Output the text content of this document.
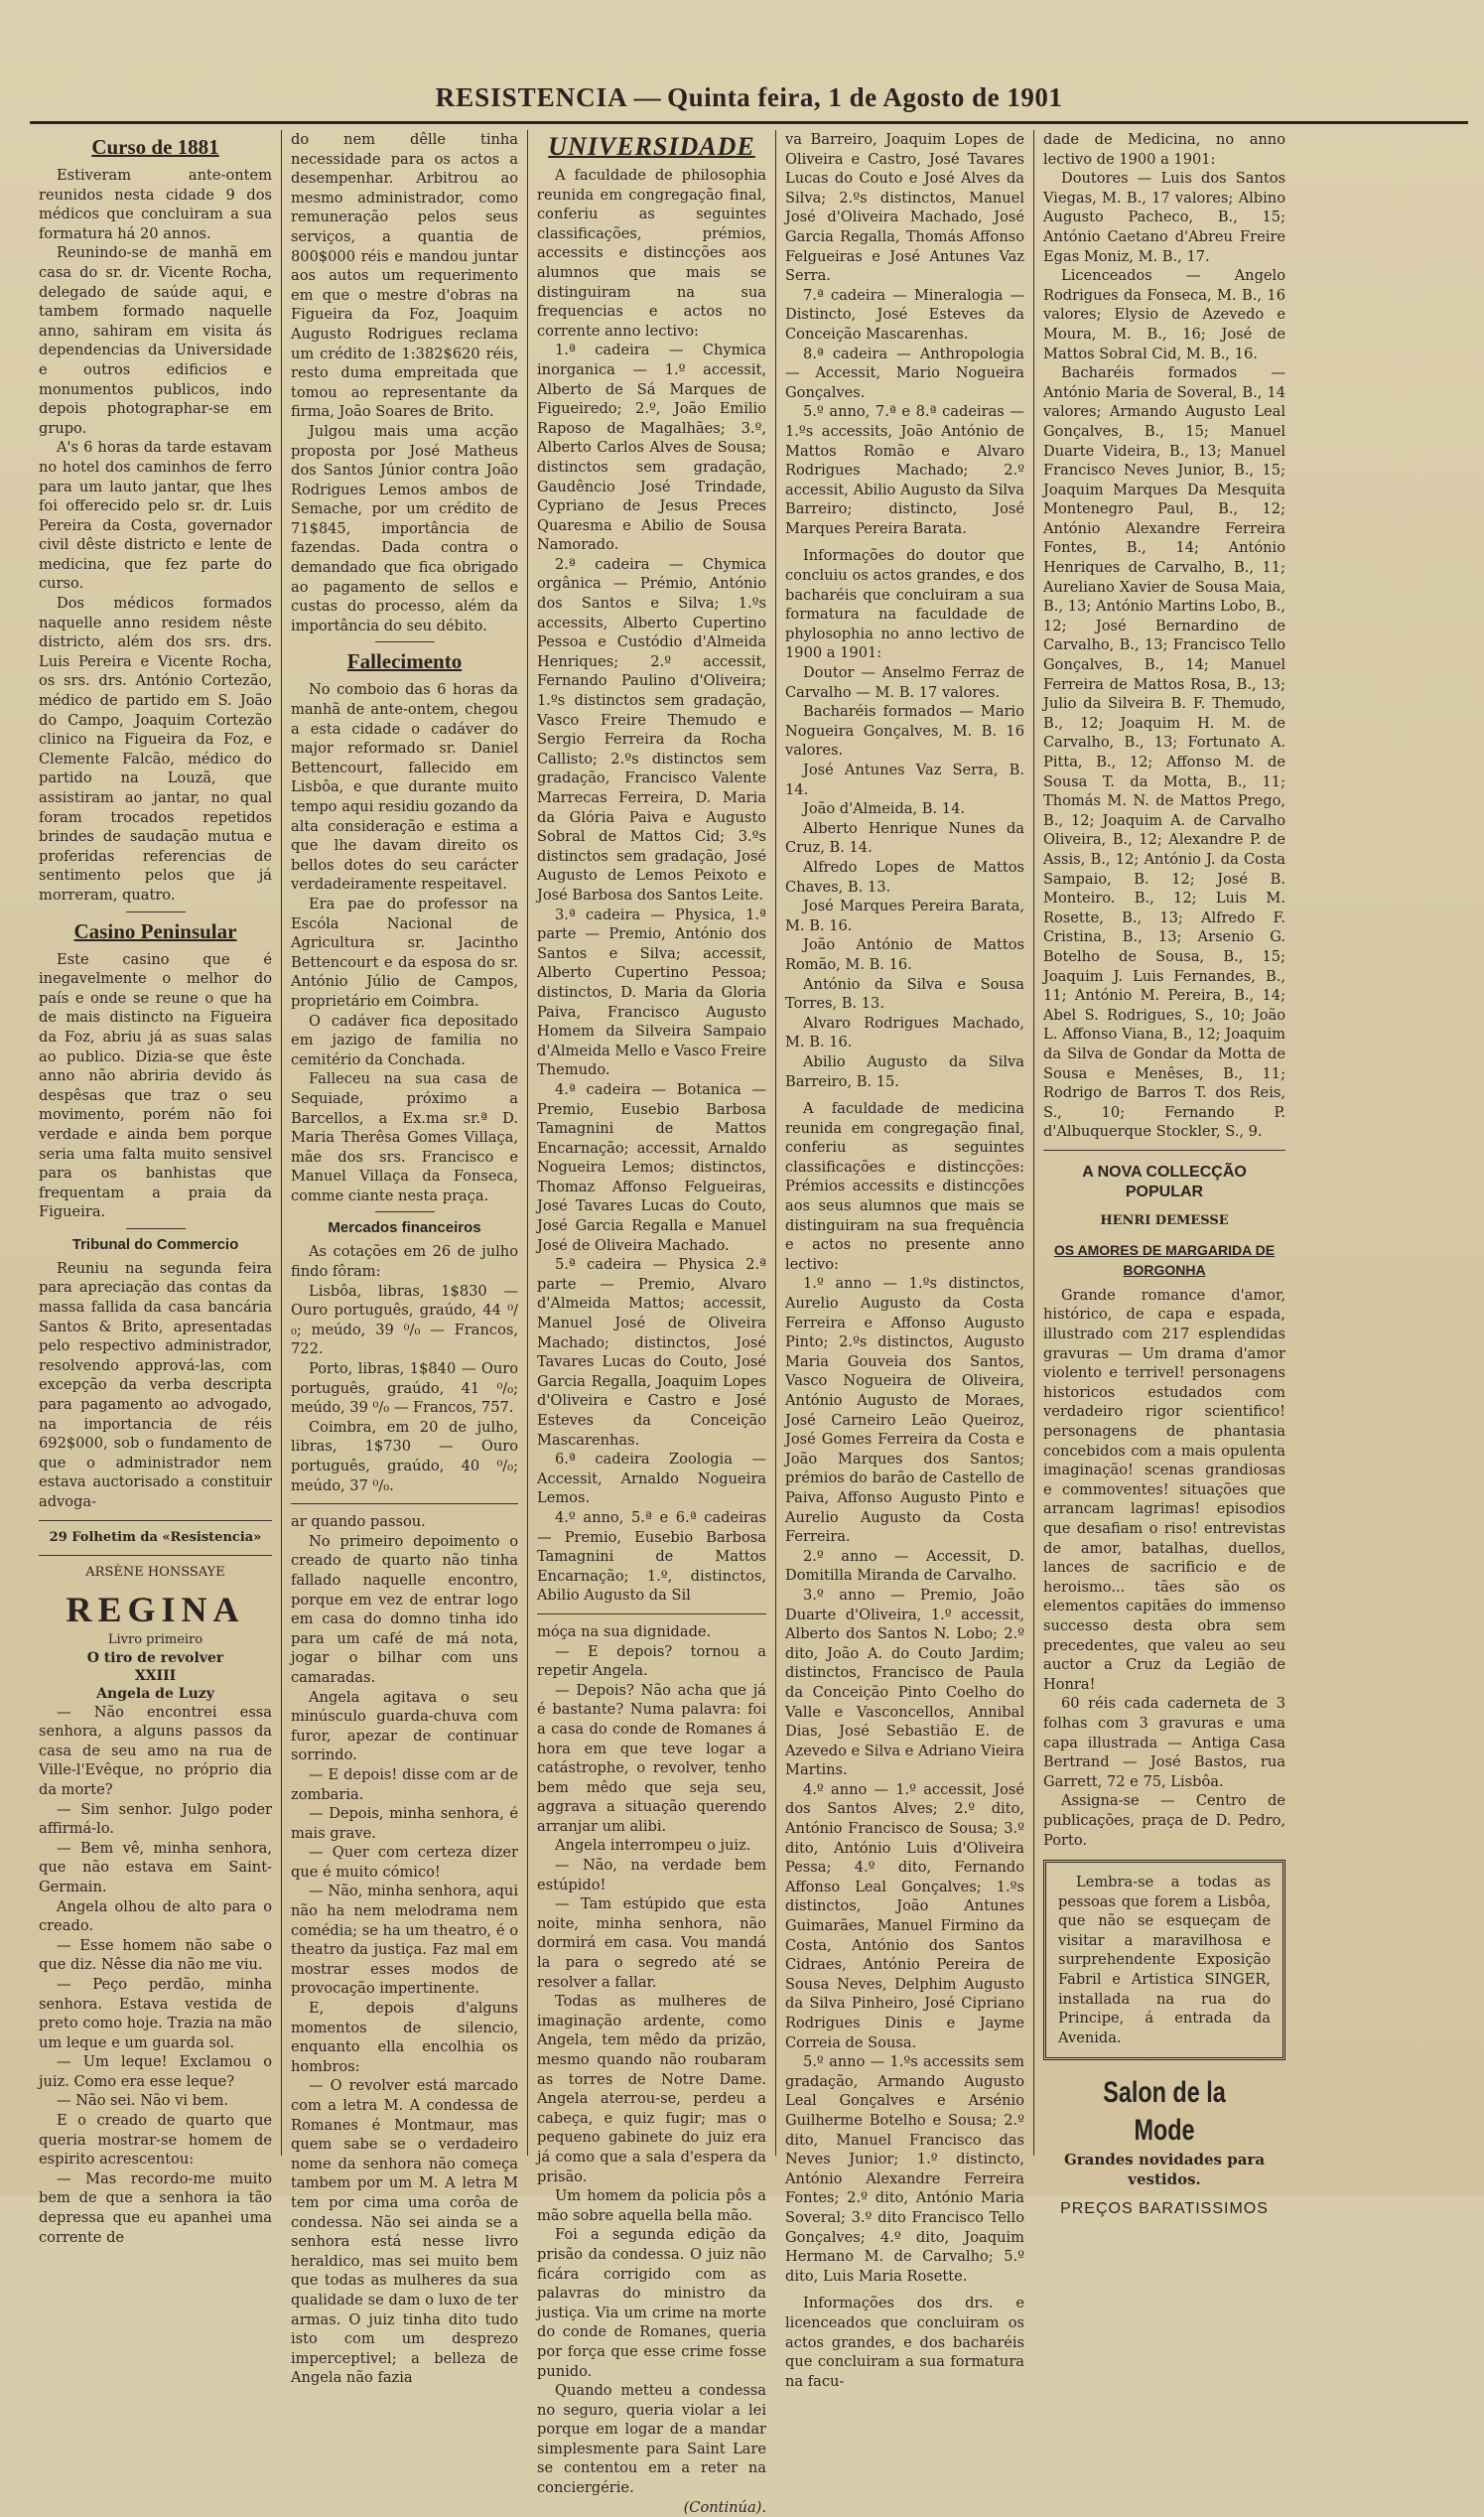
RESISTENCIA — Quinta feira, 1 de Agosto de 1901
Curso de 1881

Estiveram ante-ontem reunidos nesta cidade 9 dos médicos que concluiram a sua formatura há 20 annos.

Reunindo-se de manhã em casa do sr. dr. Vicente Rocha, delegado de saúde aqui, e tambem formado naquelle anno, sahiram em visita ás dependencias da Universidade e outros edificios e monumentos publicos, indo depois photographar-se em grupo.

A's 6 horas da tarde estavam no hotel dos caminhos de ferro para um lauto jantar, que lhes foi offerecido pelo sr. dr. Luis Pereira da Costa, governador civil dêste districto e lente de medicina, que fez parte do curso.

Dos médicos formados naquelle anno residem nêste districto, além dos srs. drs. Luis Pereira e Vicente Rocha, os srs. drs. António Cortezão, médico de partido em S. João do Campo, Joaquim Cortezão clinico na Figueira da Foz, e Clemente Falcão, médico do partido na Louzã, que assistiram ao jantar, no qual foram trocados repetidos brindes de saudação mutua e proferidas referencias de sentimento pelos que já morreram, quatro.

Casino Peninsular

Este casino que é inegavelmente o melhor do país e onde se reune o que ha de mais distincto na Figueira da Foz, abriu já as suas salas ao publico. Dizia-se que êste anno não abriria devido ás despêsas que traz o seu movimento, porém não foi verdade e ainda bem porque seria uma falta muito sensivel para os banhistas que frequentam a praia da Figueira.

Tribunal do Commercio

Reuniu na segunda feira para apreciação das contas da massa fallida da casa bancária Santos & Brito, apresentadas pelo respectivo administrador, resolvendo apprová-las, com excepção da verba descripta para pagamento ao advogado, na importancia de réis 692$000, sob o fundamento de que o administrador nem estava auctorisado a constituir advoga-

29 Folhetim da «Resistencia»
ARSÈNE HONSSAYE
REGINA
Livro primeiro
O tiro de revolver
XXIII
Angela de Luzy

— Não encontrei essa senhora, a alguns passos da casa de seu amo na rua de Ville-l'Evêque, no próprio dia da morte?

— Sim senhor. Julgo poder affirmá-lo.

— Bem vê, minha senhora, que não estava em Saint-Germain.

Angela olhou de alto para o creado.

— Esse homem não sabe o que diz. Nêsse dia não me viu.

— Peço perdão, minha senhora. Estava vestida de preto como hoje. Trazia na mão um leque e um guarda sol.

— Um leque! Exclamou o juiz. Como era esse leque?

— Não sei. Não vi bem.

E o creado de quarto que queria mostrar-se homem de espirito acrescentou:

— Mas recordo-me muito bem de que a senhora ia tão depressa que eu apanhei uma corrente de

do nem dêlle tinha necessidade para os actos a desempenhar. Arbitrou ao mesmo administrador, como remuneração pelos seus serviços, a quantia de 800$000 réis e mandou juntar aos autos um requerimento em que o mestre d'obras na Figueira da Foz, Joaquim Augusto Rodrigues reclama um crédito de 1:382$620 réis, resto duma empreitada que tomou ao representante da firma, João Soares de Brito.

Julgou mais uma acção proposta por José Matheus dos Santos Júnior contra João Rodrigues Lemos ambos de Semache, por um crédito de 71$845, importância de fazendas. Dada contra o demandado que fica obrigado ao pagamento de sellos e custas do processo, além da importância do seu débito.

Fallecimento

No comboio das 6 horas da manhã de ante-ontem, chegou a esta cidade o cadáver do major reformado sr. Daniel Bettencourt, fallecido em Lisbôa, e que durante muito tempo aqui residiu gozando da alta consideração e estima a que lhe davam direito os bellos dotes do seu carácter verdadeiramente respeitavel.

Era pae do professor na Escóla Nacional de Agricultura sr. Jacintho Bettencourt e da esposa do sr. António Júlio de Campos, proprietário em Coimbra.

O cadáver fica depositado em jazigo de familia no cemitério da Conchada.

Falleceu na sua casa de Sequiade, próximo a Barcellos, a Ex.ma sr.ª D. Maria Therêsa Gomes Villaça, mãe dos srs. Francisco e Manuel Villaça da Fonseca, comme ciante nesta praça.

Mercados financeiros

As cotações em 26 de julho findo fôram:

Lisbôa, libras, 1$830 — Ouro português, graúdo, 44 ⁰/₀; meúdo, 39 ⁰/₀ — Francos, 722.

Porto, libras, 1$840 — Ouro português, graúdo, 41 ⁰/₀; meúdo, 39 ⁰/₀ — Francos, 757.

Coimbra, em 20 de julho, libras, 1$730 — Ouro português, graúdo, 40 ⁰/₀; meúdo, 37 ⁰/₀.

ar quando passou.

No primeiro depoimento o creado de quarto não tinha fallado naquelle encontro, porque em vez de entrar logo em casa do domno tinha ido para um café de má nota, jogar o bilhar com uns camaradas.

Angela agitava o seu minúsculo guarda-chuva com furor, apezar de continuar sorrindo.

— E depois! disse com ar de zombaria.

— Depois, minha senhora, é mais grave.

— Quer com certeza dizer que é muito cómico!

— Não, minha senhora, aqui não ha nem melodrama nem comédia; se ha um theatro, é o theatro da justiça. Faz mal em mostrar esses modos de provocação impertinente.

E, depois d'alguns momentos de silencio, enquanto ella encolhia os hombros:

— O revolver está marcado com a letra M. A condessa de Romanes é Montmaur, mas quem sabe se o verdadeiro nome da senhora não começa tambem por um M. A letra M tem por cima uma corôa de condessa. Não sei ainda se a senhora está nesse livro heraldico, mas sei muito bem que todas as mulheres da sua qualidade se dam o luxo de ter armas. O juiz tinha dito tudo isto com um desprezo imperceptivel; a belleza de Angela não fazia

UNIVERSIDADE

A faculdade de philosophia reunida em congregação final, conferiu as seguintes classificações, prémios, accessits e distincções aos alumnos que mais se distinguiram na sua frequencias e actos no corrente anno lectivo:

1.ª cadeira — Chymica inorganica — 1.º accessit, Alberto de Sá Marques de Figueiredo; 2.º, João Emilio Raposo de Magalhães; 3.º, Alberto Carlos Alves de Sousa; distinctos sem gradação, Gaudêncio José Trindade, Cypriano de Jesus Preces Quaresma e Abilio de Sousa Namorado.

2.ª cadeira — Chymica orgânica — Prémio, António dos Santos e Silva; 1.ºs accessits, Alberto Cupertino Pessoa e Custódio d'Almeida Henriques; 2.º accessit, Fernando Paulino d'Oliveira; 1.ºs distinctos sem gradação, Vasco Freire Themudo e Sergio Ferreira da Rocha Callisto; 2.ºs distinctos sem gradação, Francisco Valente Marrecas Ferreira, D. Maria da Glória Paiva e Augusto Sobral de Mattos Cid; 3.ºs distinctos sem gradação, José Augusto de Lemos Peixoto e José Barbosa dos Santos Leite.

3.ª cadeira — Physica, 1.ª parte — Premio, António dos Santos e Silva; accessit, Alberto Cupertino Pessoa; distinctos, D. Maria da Gloria Paiva, Francisco Augusto Homem da Silveira Sampaio d'Almeida Mello e Vasco Freire Themudo.

4.ª cadeira — Botanica — Premio, Eusebio Barbosa Tamagnini de Mattos Encarnação; accessit, Arnaldo Nogueira Lemos; distinctos, Thomaz Affonso Felgueiras, José Tavares Lucas do Couto, José Garcia Regalla e Manuel José de Oliveira Machado.

5.ª cadeira — Physica 2.ª parte — Premio, Alvaro d'Almeida Mattos; accessit, Manuel José de Oliveira Machado; distinctos, José Tavares Lucas do Couto, José Garcia Regalla, Joaquim Lopes d'Oliveira e Castro e José Esteves da Conceição Mascarenhas.

6.ª cadeira Zoologia — Accessit, Arnaldo Nogueira Lemos.

4.º anno, 5.ª e 6.ª cadeiras — Premio, Eusebio Barbosa Tamagnini de Mattos Encarnação; 1.º, distinctos, Abilio Augusto da Sil

móça na sua dignidade.

— E depois? tornou a repetir Angela.

— Depois? Não acha que já é bastante? Numa palavra: foi a casa do conde de Romanes á hora em que teve logar a catástrophe, o revolver, tenho bem mêdo que seja seu, aggrava a situação querendo arranjar um alibi.

Angela interrompeu o juiz.

— Não, na verdade bem estúpido!

— Tam estúpido que esta noite, minha senhora, não dormirá em casa. Vou mandá la para o segredo até se resolver a fallar.

Todas as mulheres de imaginação ardente, como Angela, tem mêdo da prizão, mesmo quando não roubaram as torres de Notre Dame. Angela aterrou-se, perdeu a cabeça, e quiz fugir; mas o pequeno gabinete do juiz era já como que a sala d'espera da prisão.

Um homem da policia pôs a mão sobre aquella bella mão.

Foi a segunda edição da prisão da condessa. O juiz não ficára corrigido com as palavras do ministro da justiça. Via um crime na morte do conde de Romanes, queria por força que esse crime fosse punido.

Quando metteu a condessa no seguro, queria violar a lei porque em logar de a mandar simplesmente para Saint Lare se contentou em a reter na conciergérie.

(Continúa).

va Barreiro, Joaquim Lopes de Oliveira e Castro, José Tavares Lucas do Couto e José Alves da Silva; 2.ºs distinctos, Manuel José d'Oliveira Machado, José Garcia Regalla, Thomás Affonso Felgueiras e José Antunes Vaz Serra.

7.ª cadeira — Mineralogia — Distincto, José Esteves da Conceição Mascarenhas.

8.ª cadeira — Anthropologia — Accessit, Mario Nogueira Gonçalves.

5.º anno, 7.ª e 8.ª cadeiras — 1.ºs accessits, João António de Mattos Romão e Alvaro Rodrigues Machado; 2.º accessit, Abilio Augusto da Silva Barreiro; distincto, José Marques Pereira Barata.

Informações do doutor que concluiu os actos grandes, e dos bacharéis que concluiram a sua formatura na faculdade de phylosophia no anno lectivo de 1900 a 1901:

Doutor — Anselmo Ferraz de Carvalho — M. B. 17 valores.

Bacharéis formados — Mario Nogueira Gonçalves, M. B. 16 valores.

José Antunes Vaz Serra, B. 14.

João d'Almeida, B. 14.

Alberto Henrique Nunes da Cruz, B. 14.

Alfredo Lopes de Mattos Chaves, B. 13.

José Marques Pereira Barata, M. B. 16.

João António de Mattos Romão, M. B. 16.

António da Silva e Sousa Torres, B. 13.

Alvaro Rodrigues Machado, M. B. 16.

Abilio Augusto da Silva Barreiro, B. 15.

A faculdade de medicina reunida em congregação final, conferiu as seguintes classificações e distincções: Prémios accessits e distincções aos seus alumnos que mais se distinguiram na sua frequência e actos no presente anno lectivo:

1.º anno — 1.ºs distinctos, Aurelio Augusto da Costa Ferreira e Affonso Augusto Pinto; 2.ºs distinctos, Augusto Maria Gouveia dos Santos, Vasco Nogueira de Oliveira, António Augusto de Moraes, José Carneiro Leão Queiroz, José Gomes Ferreira da Costa e João Marques dos Santos; prémios do barão de Castello de Paiva, Affonso Augusto Pinto e Aurelio Augusto da Costa Ferreira.

2.º anno — Accessit, D. Domitilla Miranda de Carvalho.

3.º anno — Premio, João Duarte d'Oliveira, 1.º accessit, Alberto dos Santos N. Lobo; 2.º dito, João A. do Couto Jardim; distinctos, Francisco de Paula da Conceição Pinto Coelho do Valle e Vasconcellos, Annibal Dias, José Sebastião E. de Azevedo e Silva e Adriano Vieira Martins.

4.º anno — 1.º accessit, José dos Santos Alves; 2.º dito, António Francisco de Sousa; 3.º dito, António Luis d'Oliveira Pessa; 4.º dito, Fernando Affonso Leal Gonçalves; 1.ºs distinctos, João Antunes Guimarães, Manuel Firmino da Costa, António dos Santos Cidraes, António Pereira de Sousa Neves, Delphim Augusto da Silva Pinheiro, José Cipriano Rodrigues Dinis e Jayme Correia de Sousa.

5.º anno — 1.ºs accessits sem gradação, Armando Augusto Leal Gonçalves e Arsénio Guilherme Botelho e Sousa; 2.º dito, Manuel Francisco das Neves Junior; 1.º distincto, António Alexandre Ferreira Fontes; 2.º dito, António Maria Soveral; 3.º dito Francisco Tello Gonçalves; 4.º dito, Joaquim Hermano M. de Carvalho; 5.º dito, Luis Maria Rosette.

Informações dos drs. e licenceados que concluiram os actos grandes, e dos bacharéis que concluiram a sua formatura na facu-

dade de Medicina, no anno lectivo de 1900 a 1901:

Doutores — Luis dos Santos Viegas, M. B., 17 valores; Albino Augusto Pacheco, B., 15; António Caetano d'Abreu Freire Egas Moniz, M. B., 17.

Licenceados — Angelo Rodrigues da Fonseca, M. B., 16 valores; Elysio de Azevedo e Moura, M. B., 16; José de Mattos Sobral Cid, M. B., 16.

Bacharéis formados — António Maria de Soveral, B., 14 valores; Armando Augusto Leal Gonçalves, B., 15; Manuel Duarte Videira, B., 13; Manuel Francisco Neves Junior, B., 15; Joaquim Marques Da Mesquita Montenegro Paul, B., 12; António Alexandre Ferreira Fontes, B., 14; António Henriques de Carvalho, B., 11; Aureliano Xavier de Sousa Maia, B., 13; António Martins Lobo, B., 12; José Bernardino de Carvalho, B., 13; Francisco Tello Gonçalves, B., 14; Manuel Ferreira de Mattos Rosa, B., 13; Julio da Silveira B. F. Themudo, B., 12; Joaquim H. M. de Carvalho, B., 13; Fortunato A. Pitta, B., 12; Affonso M. de Sousa T. da Motta, B., 11; Thomás M. N. de Mattos Prego, B., 12; Joaquim A. de Carvalho Oliveira, B., 12; Alexandre P. de Assis, B., 12; António J. da Costa Sampaio, B. 12; José B. Monteiro. B., 12; Luis M. Rosette, B., 13; Alfredo F. Cristina, B., 13; Arsenio G. Botelho de Sousa, B., 15; Joaquim J. Luis Fernandes, B., 11; António M. Pereira, B., 14; Abel S. Rodrigues, S., 10; João L. Affonso Viana, B., 12; Joaquim da Silva de Gondar da Motta de Sousa e Menêses, B., 11; Rodrigo de Barros T. dos Reis, S., 10; Fernando P. d'Albuquerque Stockler, S., 9.

A NOVA COLLECÇÃO POPULAR
HENRI DEMESSE
OS AMORES DE MARGARIDA DE BORGONHA

Grande romance d'amor, histórico, de capa e espada, illustrado com 217 esplendidas gravuras — Um drama d'amor violento e terrivel! personagens historicos estudados com verdadeiro rigor scientifico! personagens de phantasia concebidos com a mais opulenta imaginação! scenas grandiosas e commoventes! situações que arrancam lagrimas! episodios que desafiam o riso! entrevistas de amor, batalhas, duellos, lances de sacrificio e de heroismo... tães são os elementos capitães do immenso successo desta obra sem precedentes, que valeu ao seu auctor a Cruz da Legião de Honra!

60 réis cada caderneta de 3 folhas com 3 gravuras e uma capa illustrada — Antiga Casa Bertrand — José Bastos, rua Garrett, 72 e 75, Lisbôa.

Assigna-se — Centro de publicações, praça de D. Pedro, Porto.

Lembra-se a todas as pessoas que forem a Lisbôa, que não se esqueçam de visitar a maravilhosa e surprehendente Exposição Fabril e Artistica SINGER, installada na rua do Principe, á entrada da Avenida.

Salon de la Mode
Grandes novidades para vestidos.
PREÇOS BARATISSIMOS
